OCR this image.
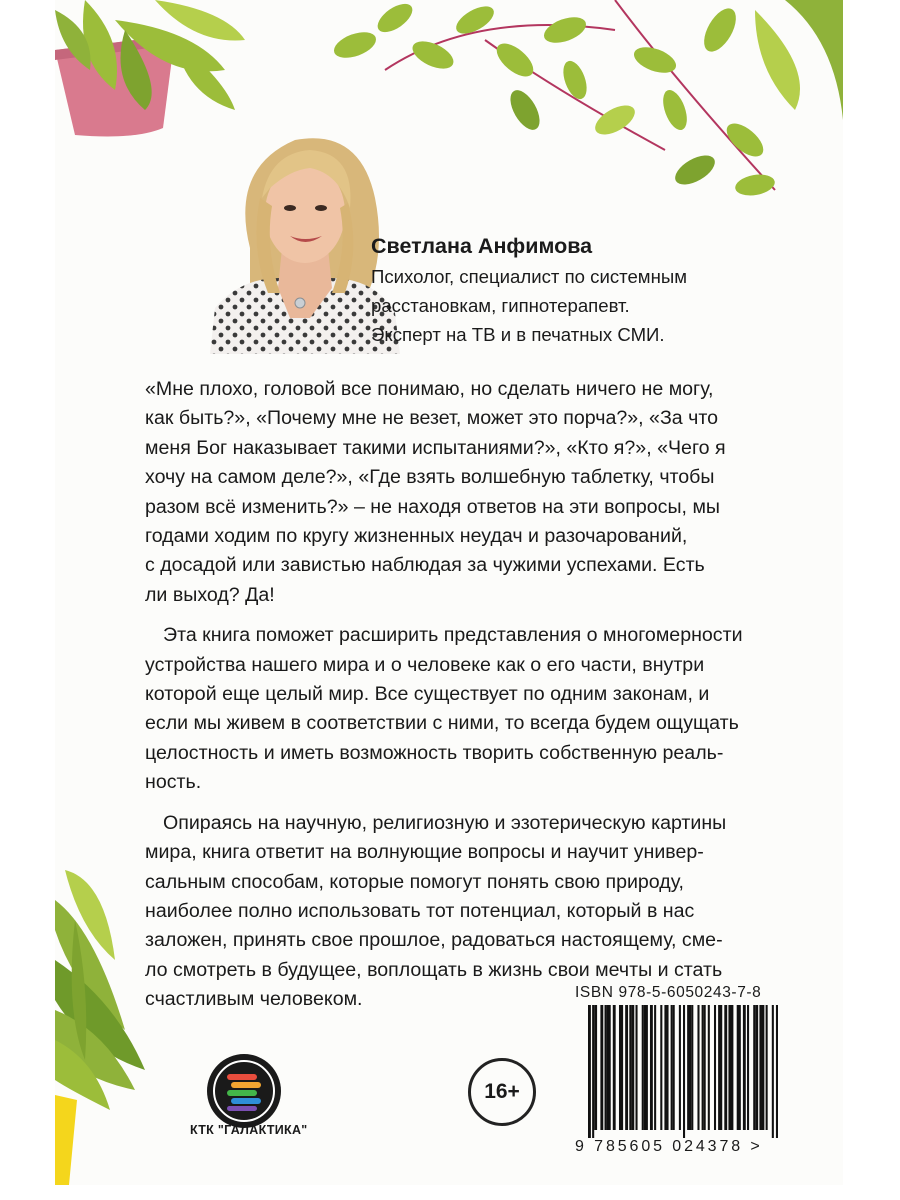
Светлана Анфимова
Психолог, специалист по системным
расстановкам, гипнотерапевт.
Эксперт на ТВ и в печатных СМИ.
«Мне плохо, головой все понимаю, но сделать ничего не могу,
как быть?», «Почему мне не везет, может это порча?», «За что
меня Бог наказывает такими испытаниями?», «Кто я?», «Чего я
хочу на самом деле?», «Где взять волшебную таблетку, чтобы
разом всё изменить?» – не находя ответов на эти вопросы, мы
годами ходим по кругу жизненных неудач и разочарований,
с досадой или завистью наблюдая за чужими успехами. Есть
ли выход? Да!
Эта книга поможет расширить представления о многомерности
устройства нашего мира и о человеке как о его части, внутри
которой еще целый мир. Все существует по одним законам, и
если мы живем в соответствии с ними, то всегда будем ощущать
целостность и иметь возможность творить собственную реаль-
ность.
Опираясь на научную, религиозную и эзотерическую картины
мира, книга ответит на волнующие вопросы и научит универ-
сальным способам, которые помогут понять свою природу,
наиболее полно использовать тот потенциал, который в нас
заложен, принять свое прошлое, радоваться настоящему, сме-
ло смотреть в будущее, воплощать в жизнь свои мечты и стать
счастливым человеком.
КТК "ГАЛАКТИКА"
16+
ISBN 978-5-6050243-7-8
9 785605 024378 >
